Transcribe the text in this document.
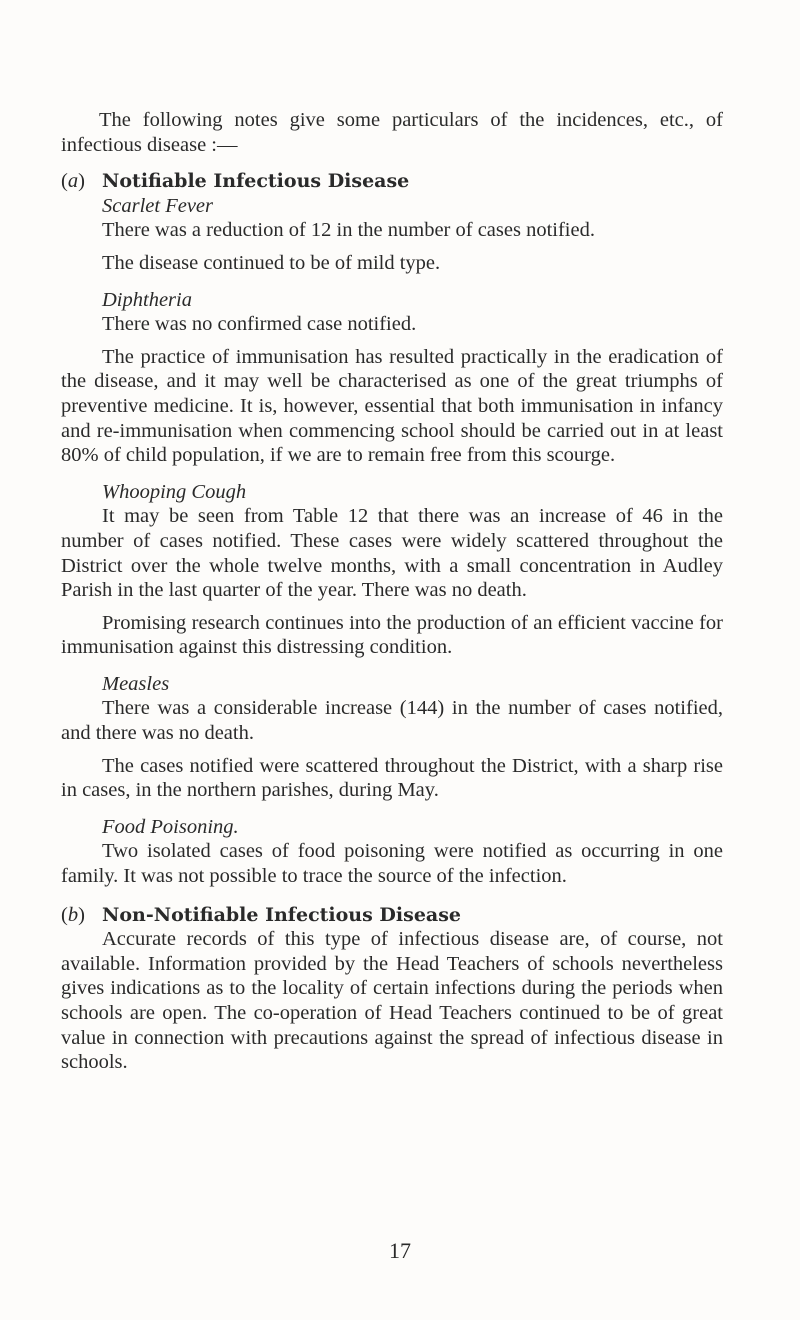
The following notes give some particulars of the incidences, etc., of infectious disease :—

(a) Notifiable Infectious Disease
Scarlet Fever

There was a reduction of 12 in the number of cases notified.

The disease continued to be of mild type.

Diphtheria

There was no confirmed case notified.

The practice of immunisation has resulted practically in the eradication of the disease, and it may well be characterised as one of the great triumphs of preventive medicine. It is, however, essential that both immunisation in infancy and re-immunisation when commencing school should be carried out in at least 80% of child population, if we are to remain free from this scourge.

Whooping Cough

It may be seen from Table 12 that there was an increase of 46 in the number of cases notified. These cases were widely scattered throughout the District over the whole twelve months, with a small concentration in Audley Parish in the last quarter of the year. There was no death.

Promising research continues into the production of an efficient vaccine for immunisation against this distressing condition.

Measles

There was a considerable increase (144) in the number of cases notified, and there was no death.

The cases notified were scattered throughout the District, with a sharp rise in cases, in the northern parishes, during May.

Food Poisoning.

Two isolated cases of food poisoning were notified as occurring in one family. It was not possible to trace the source of the infection.

(b) Non-Notifiable Infectious Disease

Accurate records of this type of infectious disease are, of course, not available. Information provided by the Head Teachers of schools nevertheless gives indications as to the locality of certain infections during the periods when schools are open. The co-operation of Head Teachers continued to be of great value in connection with precautions against the spread of infectious disease in schools.

17
